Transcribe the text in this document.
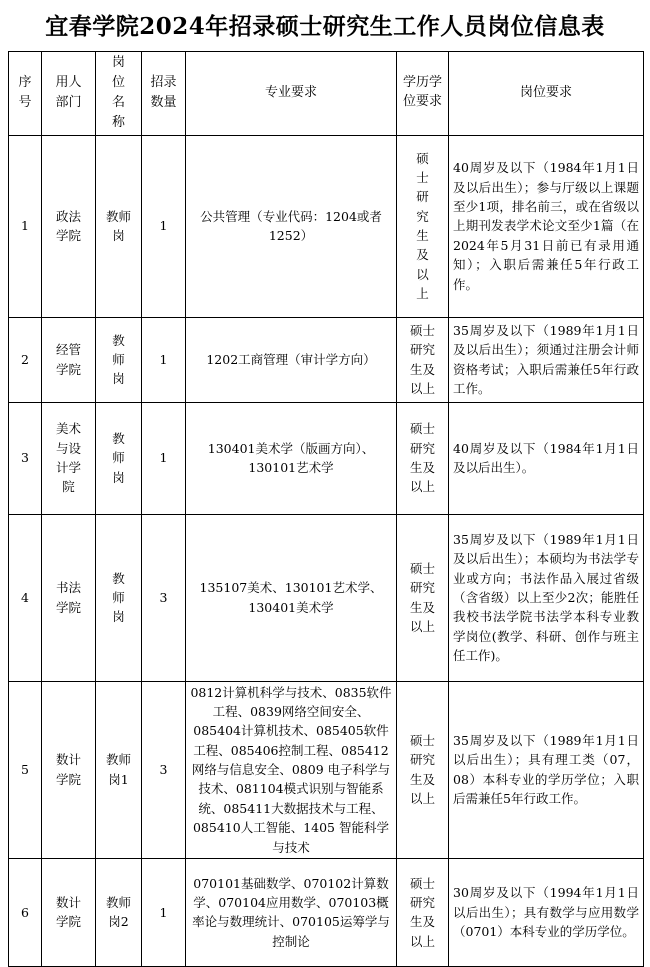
宜春学院2024年招录硕士研究生工作人员岗位信息表
序号	用人部门	岗位名称	招录数量	专业要求	学历学位要求	岗位要求
1	政法学院	教师岗	1	公共管理（专业代码：1204或者1252）	硕士研究生及以上	40周岁及以下（1984年1月1日及以后出生）；参与厅级以上课题至少1项，排名前三，或在省级以上期刊发表学术论文至少1篇（在2024年5月31日前已有录用通知）；入职后需兼任5年行政工作。
2	经管学院	教师岗	1	1202工商管理（审计学方向）	硕士研究生及以上	35周岁及以下（1989年1月1日及以后出生）；须通过注册会计师资格考试；入职后需兼任5年行政工作。
3	美术与设计学院	教师岗	1	130401美术学（版画方向）、130101艺术学	硕士研究生及以上	40周岁及以下（1984年1月1日及以后出生）。
4	书法学院	教师岗	3	135107美术、130101艺术学、130401美术学	硕士研究生及以上	35周岁及以下（1989年1月1日及以后出生）；本硕均为书法学专业或方向；书法作品入展过省级（含省级）以上至少2次；能胜任我校书法学院书法学本科专业教学岗位(教学、科研、创作与班主任工作)。
5	数计学院	教师岗1	3	0812计算机科学与技术、0835软件工程、0839网络空间安全、085404计算机技术、085405软件工程、085406控制工程、085412网络与信息安全、0809 电子科学与技术、081104模式识别与智能系统、085411大数据技术与工程、085410人工智能、1405 智能科学与技术	硕士研究生及以上	35周岁及以下（1989年1月1日以后出生）；具有理工类（07，08）本科专业的学历学位；入职后需兼任5年行政工作。
6	数计学院	教师岗2	1	070101基础数学、070102计算数学、070104应用数学、070103概率论与数理统计、070105运筹学与控制论	硕士研究生及以上	30周岁及以下（1994年1月1日以后出生）；具有数学与应用数学（0701）本科专业的学历学位。
